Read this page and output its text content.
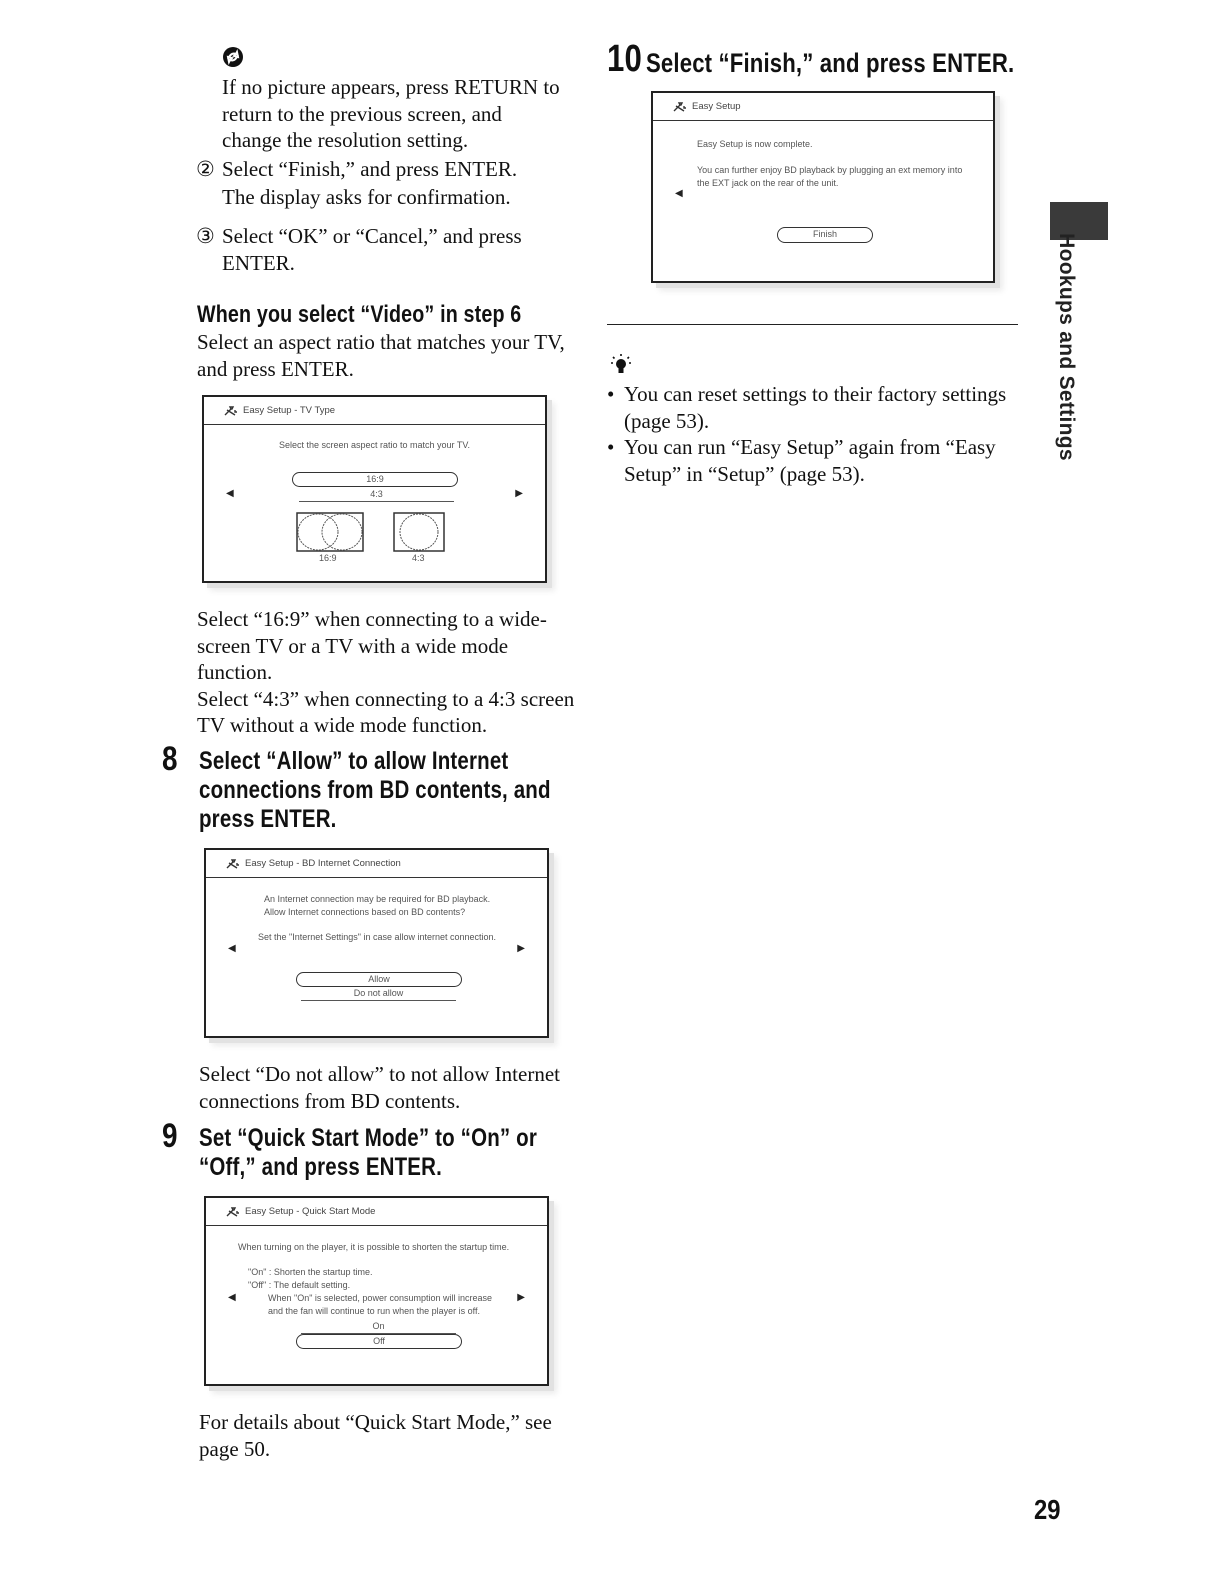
If no picture appears, press RETURN to return to the previous screen, and change the resolution setting.
② Select “Finish,” and press ENTER.
The display asks for confirmation.
③ Select “OK” or “Cancel,” and press
ENTER.
When you select “Video” in step 6
Select an aspect ratio that matches your TV, and press ENTER.
Easy Setup - TV Type
Select the screen aspect ratio to match your TV.
◀	▶
16:9
4:3
16:9	4:3
Select “16:9” when connecting to a wide-screen TV or a TV with a wide mode function.
Select “4:3” when connecting to a 4:3 screen TV without a wide mode function.
8 Select “Allow” to allow Internet
connections from BD contents, and
press ENTER.
Easy Setup - BD Internet Connection
An Internet connection may be required for BD playback.
Allow Internet connections based on BD contents?
Set the "Internet Settings" in case allow internet connection.
◀	▶
Allow
Do not allow
Select “Do not allow” to not allow Internet connections from BD contents.
9 Set “Quick Start Mode” to “On” or
“Off,” and press ENTER.
Easy Setup - Quick Start Mode
When turning on the player, it is possible to shorten the startup time.
"On" : Shorten the startup time.
"Off" : The default setting.
When "On" is selected, power consumption will increase
and the fan will continue to run when the player is off.
◀	▶
On
Off
For details about “Quick Start Mode,” see page 50.
10 Select “Finish,” and press ENTER.
Easy Setup
Easy Setup is now complete.
You can further enjoy BD playback by plugging an ext memory into
the EXT jack on the rear of the unit.
◀
Finish
• You can reset settings to their factory settings (page 53).
• You can run “Easy Setup” again from “Easy Setup” in “Setup” (page 53).
Hookups and Settings
29
